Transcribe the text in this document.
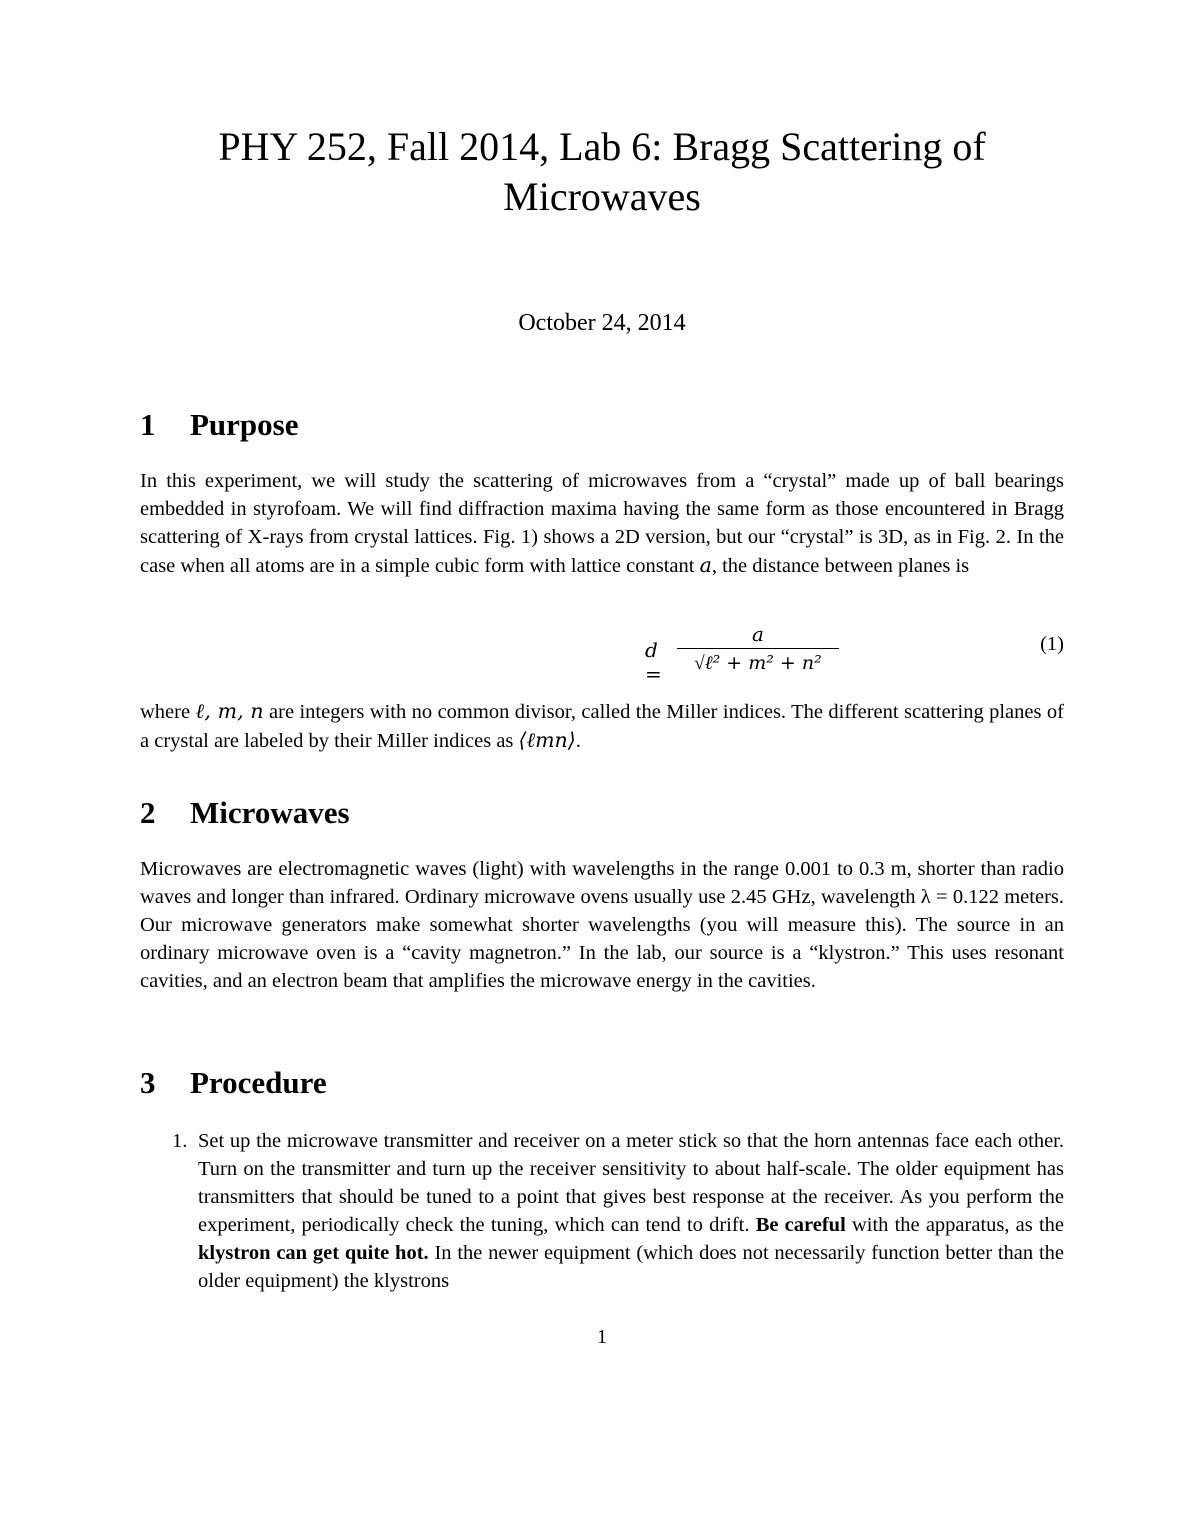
PHY 252, Fall 2014, Lab 6: Bragg Scattering of Microwaves
October 24, 2014
1 Purpose

In this experiment, we will study the scattering of microwaves from a “crystal” made up of ball bearings embedded in styrofoam. We will find diffraction maxima having the same form as those encountered in Bragg scattering of X-rays from crystal lattices. Fig. 1) shows a 2D version, but our “crystal” is 3D, as in Fig. 2. In the case when all atoms are in a simple cubic form with lattice constant a, the distance between planes is

d =
a
√ℓ² + m² + n²
(1)

where ℓ, m, n are integers with no common divisor, called the Miller indices. The different scattering planes of a crystal are labeled by their Miller indices as ⟨ℓmn⟩.

2 Microwaves

Microwaves are electromagnetic waves (light) with wavelengths in the range 0.001 to 0.3 m, shorter than radio waves and longer than infrared. Ordinary microwave ovens usually use 2.45 GHz, wavelength λ = 0.122 meters. Our microwave generators make somewhat shorter wavelengths (you will measure this). The source in an ordinary microwave oven is a “cavity magnetron.” In the lab, our source is a “klystron.” This uses resonant cavities, and an electron beam that amplifies the microwave energy in the cavities.

3 Procedure
1. Set up the microwave transmitter and receiver on a meter stick so that the horn antennas face each other. Turn on the transmitter and turn up the receiver sensitivity to about half-scale. The older equipment has transmitters that should be tuned to a point that gives best response at the receiver. As you perform the experiment, periodically check the tuning, which can tend to drift. Be careful with the apparatus, as the klystron can get quite hot. In the newer equipment (which does not necessarily function better than the older equipment) the klystrons
1
